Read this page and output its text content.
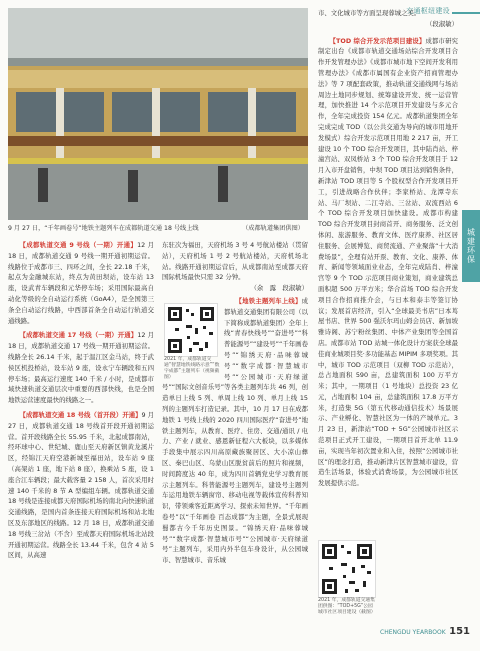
交通枢纽建设
9 月 27 日，“千年画卷号”地铁主题列车在成都轨道交通 18 号线上线	（成都轨道集团供图）

【成都轨道交通 9 号线（一期）开通】12 月 18 日，成都轨道交通 9 号线一期开通初期运营。线路位于成都市三、四环之间，全长 22.18 千米，起点为金融城东站，终点为黄田坝站，设车站 13 座，设武青车辆段和元华停车场；采用国际最高自动化等级的全自动运行系统（GoA4），是全国第三条全自动运行线路，中西部首条全自动运行轨道交通线路。

【成都轨道交通 17 号线（一期）开通】12 月 18 日，成都轨道交通 17 号线一期开通初期运营。线路全长 26.14 千米，起于温江区金马站，终于武侯区机投桥站，设车站 9 座，设永宁车辆段和五四停车场；最高运行速度 140 千米 / 小时，是成都市域快速轨道交通层次中重要的西部快线，也是全国地铁运营速度最快的线路之一。

【成都轨道交通 18 号线（首开段）开通】9 月 27 日，成都轨道交通 18 号线首开段开通初期运营。首开段线路全长 55.95 千米，北起成都南站，经环球中心、世纪城、鹿山至天府新区镇黄龙溪片区，经锦江天府空港新城至福田站，设车站 9 座（高架站 1 座，地下站 8 座），换乘站 5 座，设 1 座合江车辆段；最大载客量 2 158 人，首次采用时速 140 千米的 8 节 A 型编组车辆。成都轨道交通 18 号线是连接成都天府国际机场的南北向快速轨道交通线路，是国内首条连接天府国际机场和站北地区及东部地区的线路。12 月 18 日，成都轨道交通 18 号线三岔站（不含）至成都天府国际机场北站段开通初期运营。线路全长 13.44 千米，包含 4 站 5 区间，从高速

东驻次为福田，天府机场 3 号 4 号航站楼站（贯留站），天府机场 1 号 2 号航站楼站，天府机场北站。线路开通初期运营后，从成都南站至成都天府国际机场最快只需 32 分钟。

（余　露　段淑敏）

【地铁主题列车上线】成都轨道交通集团有限公司（以下简称成都轨道集团）全年上线“青春快线号”“奋进号”“科普能源号”“建设号”“千年画卷号”“锦绣天府·品味蓉城号”“数字成都·智慧城市号”“公园城市·天府绿道号”“国际文创音乐号”等各类主题列车共 46 列，创造单日上线 5 列、单周上线 10 列、单月上线 15 列的主题列车打造记录。其中，10 月 17 日在成都地铁 1 号线上线的 2020 四川国际医疗“奋进号”地铁主题列车，从教育、医疗、住房、交通/通讯 / 电力、产业 / 就业、感恩新征程六大板块，以多媒体手段集中展示四川高原藏族聚居区、大小凉山彝区、秦巴山区、乌蒙山区脱贫前后的照片和视频，时间跨度达 40 年，成为四川首辆党史学习教育展示主题列车。科普能源号主题列车，建设号主题列车运用地铁车辆窗帘、移动电视等载体宣传科普知识，带领乘客近距离学习、探索未知世界。“千年画卷号”以“千年画卷 百态成都”为主题，全景式展现蜀都古今千年历史图景。“锦绣天府·品味蓉城号”“数字成都·智慧城市号”“公园城市·天府绿道号”主题列车，采用内外半包车身设计，从公园城市、智慧城市、音乐城

2021 年，成都轨道交通“智慧地铁线路示意”“数字成都”主题列车（视频截图）

市、文化城市等方面呈现蓉城之美。

（段淑敏）

【TOD 综合开发示范项目建设】成都市研究制定出台《成都市轨道交通场站综合开发项目合作开发管理办法》《成都市城市地下空间开发利用管理办法》《成都市属国有企业资产招商管理办法》等 7 项配套政策，推动轨道交通线网与场站周边土地同步规划、统筹建设开发、统一运营管理，加快推进 14 个示范项目开发建设与多元合作，全年完成投资 154 亿元。成都轨道集团全年完成完成 TOD（以公共交通为导向的城市用地开发模式）综合开发示范项目用地 2 217 亩，开工建设 10 个 TOD 综合开发项目，其中陆肖站、梓潼宫站、双凤桥站 3 个 TOD 综合开发项目于 12 月入市开盘销售，中坝 TOD 项目达到销售条件，新津站 TOD 项目等 5 个股权型合作开发项目开工，引进战略合作伙伴；李家桥站、龙潭寺东站、马厂坝站、二江寺站、三岔站、双流西站 6 个 TOD 综合开发项目加快建设。成都市构建 TOD 综合开发项目封商首开、商务服务、泛文创体闲、旅游服务、教育文体、医疗康养、社区居住服务、会展博览、商贸流通、产业聚落“十大消费场景”，全理有站开票、教育、文化、康养、体育、新闻等领域面业业态，全年完成陆肖、梓潼宫等 9 个 TOD 示范项目商业策划，商业建筑总面积超 500 万平方米；华合首场 TOD 综合开发项目合作招商推介会，与日本和泰丰等签订协议；发展首店经济，引入“全球最美书店”日本茑屋书店、世界 500 强沃尔玛山姆会员店、新加坡雅诗阁、苏宁粉丝集团、中体产业集团等全国首店。成都市站 TOD 站城一体化设计方案获全球最佳商业城项目奖·多功能基态 MIPIM 多项奖项。其中，城市 TOD 示范项目（双柳 TOD 示范站），总占地面积 590 亩，总建筑面积 100 万平方米；其中，一期项目（1 号地块）总投资 23 亿元，占地面积 104 亩，总建筑面积 17.8 万平方米，打造集 5G（第五代移动通信技术）场景展示、产业孵化、智慧社区为一体的产城单元。3 月 23 日，新津站“TOD + 5G”公园城市社区示范项目正式开工建设，一期项目首开北单 11.9 亩，实现当年初次置业和入住，按照“公园城市社区”的理念打造，推动新津片区智慧城市建设，营造生活场景，体验式消费场景，为公园城市社区发展提供示范。

2021 年，成都轨道交通集团供图：“TOD+5G”公园城市社区项目建设（截图）
城建环保
CHENGDU YEARBOOK 151
